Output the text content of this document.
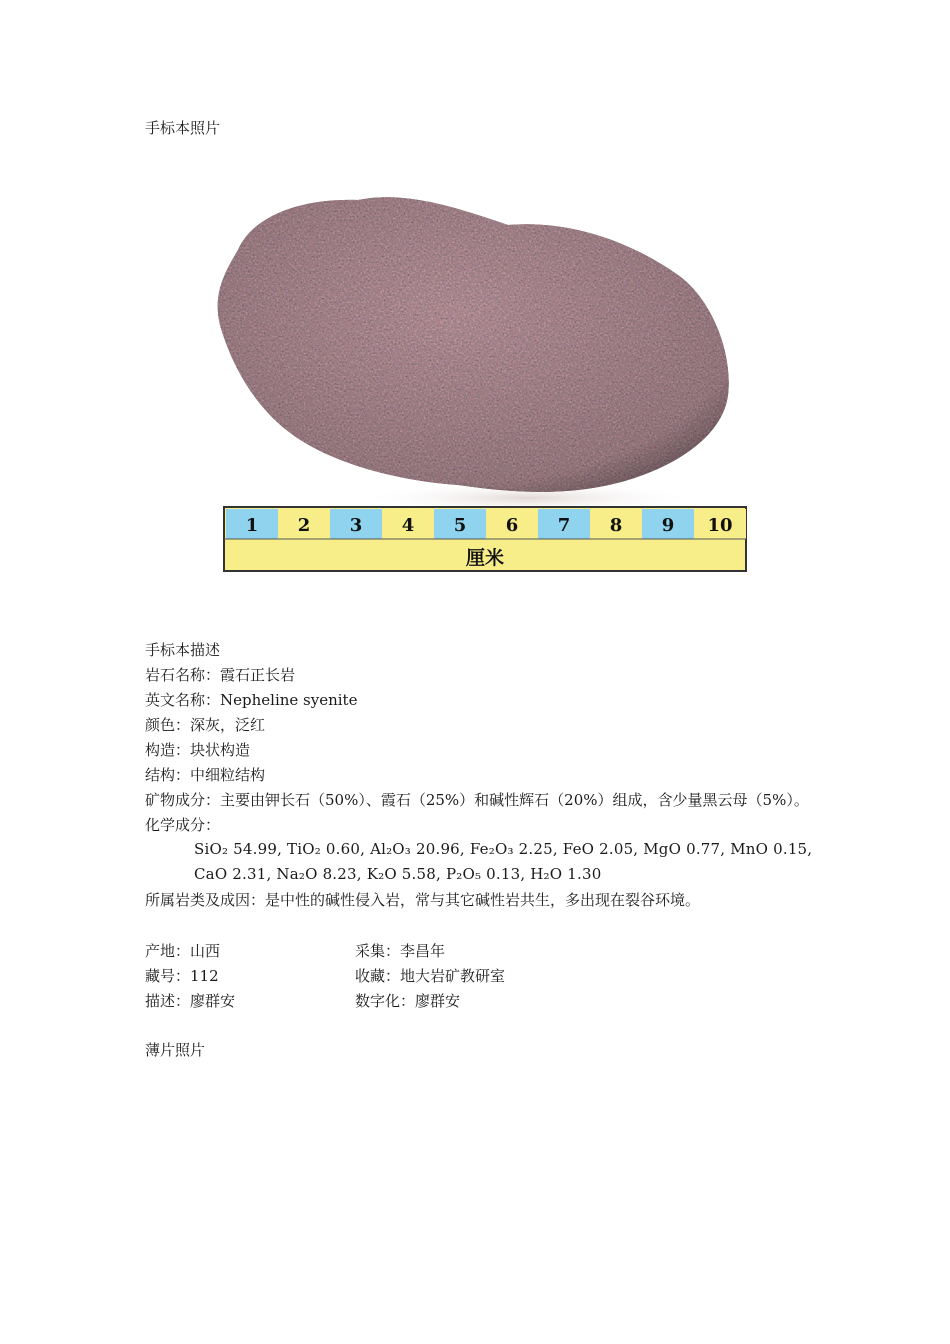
手标本照片
1 2 3 4 5 6 7 8 9 10
厘米
手标本描述
岩石名称：霞石正长岩
英文名称：Nepheline syenite
颜色：深灰，泛红
构造：块状构造
结构：中细粒结构
矿物成分：主要由钾长石（50%）、霞石（25%）和碱性辉石（20%）组成，含少量黑云母（5%）。
化学成分：
SiO₂ 54.99, TiO₂ 0.60, Al₂O₃ 20.96, Fe₂O₃ 2.25, FeO 2.05, MgO 0.77, MnO 0.15,
CaO 2.31, Na₂O 8.23, K₂O 5.58, P₂O₅ 0.13, H₂O 1.30
所属岩类及成因：是中性的碱性侵入岩，常与其它碱性岩共生，多出现在裂谷环境。
产地：山西	采集：李昌年
藏号：112	收藏：地大岩矿教研室
描述：廖群安	数字化：廖群安
薄片照片
